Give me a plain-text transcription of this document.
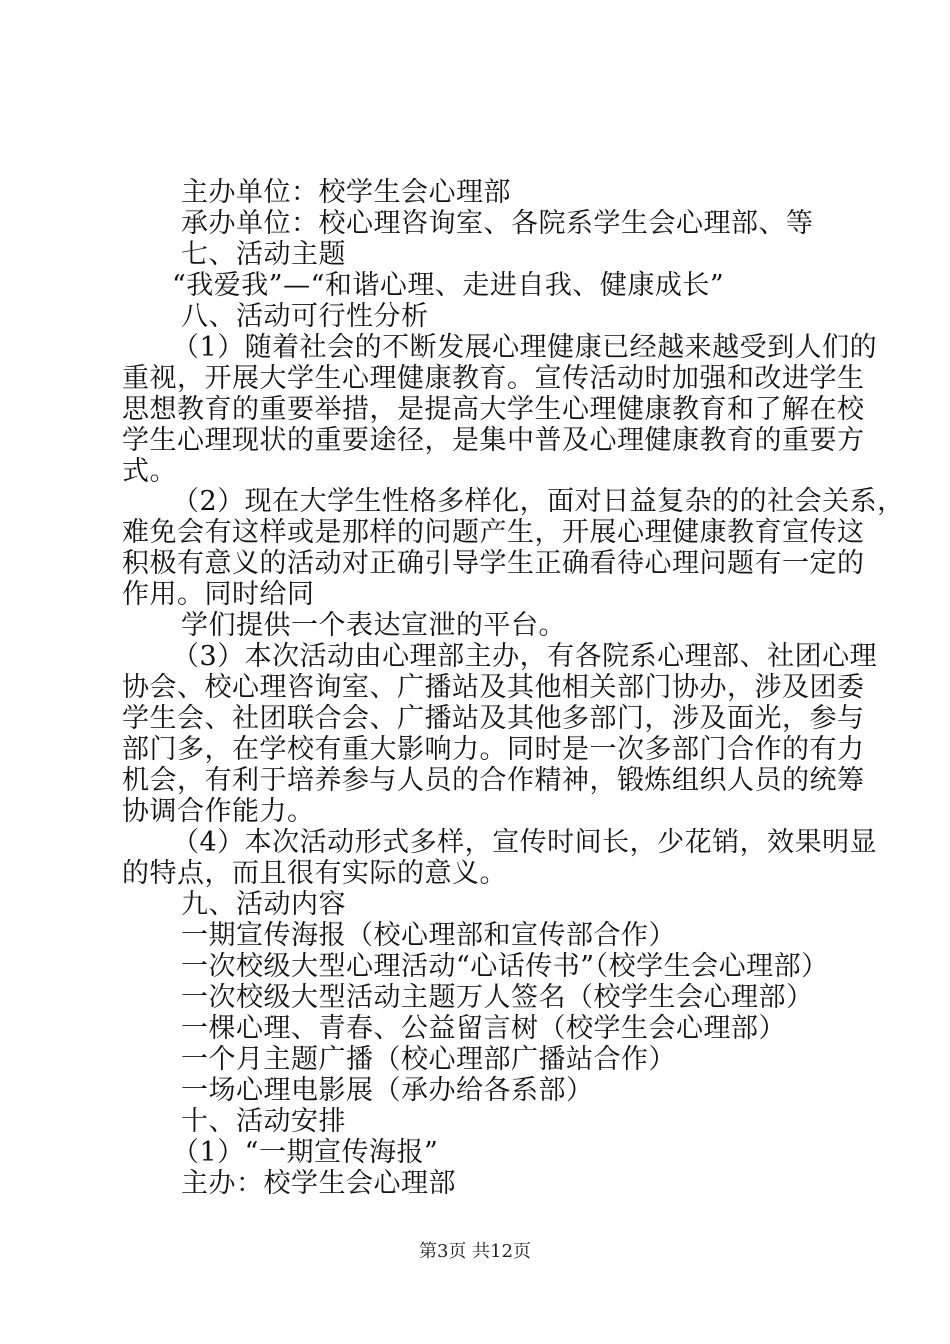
主办单位：校学生会心理部
承办单位：校心理咨询室、各院系学生会心理部、等
七、活动主题
“我爱我”—“和谐心理、走进自我、健康成长”
八、活动可行性分析
（1）随着社会的不断发展心理健康已经越来越受到人们的
重视，开展大学生心理健康教育。宣传活动时加强和改进学生
思想教育的重要举措，是提高大学生心理健康教育和了解在校
学生心理现状的重要途径，是集中普及心理健康教育的重要方
式。
（2）现在大学生性格多样化，面对日益复杂的的社会关系，
难免会有这样或是那样的问题产生，开展心理健康教育宣传这
积极有意义的活动对正确引导学生正确看待心理问题有一定的
作用。同时给同
学们提供一个表达宣泄的平台。
（3）本次活动由心理部主办，有各院系心理部、社团心理
协会、校心理咨询室、广播站及其他相关部门协办，涉及团委
学生会、社团联合会、广播站及其他多部门，涉及面光，参与
部门多，在学校有重大影响力。同时是一次多部门合作的有力
机会，有利于培养参与人员的合作精神，锻炼组织人员的统筹
协调合作能力。
（4）本次活动形式多样，宣传时间长，少花销，效果明显
的特点，而且很有实际的意义。
九、活动内容
一期宣传海报（校心理部和宣传部合作）
一次校级大型心理活动“心话传书”（校学生会心理部）
一次校级大型活动主题万人签名（校学生会心理部）
一棵心理、青春、公益留言树（校学生会心理部）
一个月主题广播（校心理部广播站合作）
一场心理电影展（承办给各系部）
十、活动安排
（1）“一期宣传海报”
主办：校学生会心理部
第3页 共12页
